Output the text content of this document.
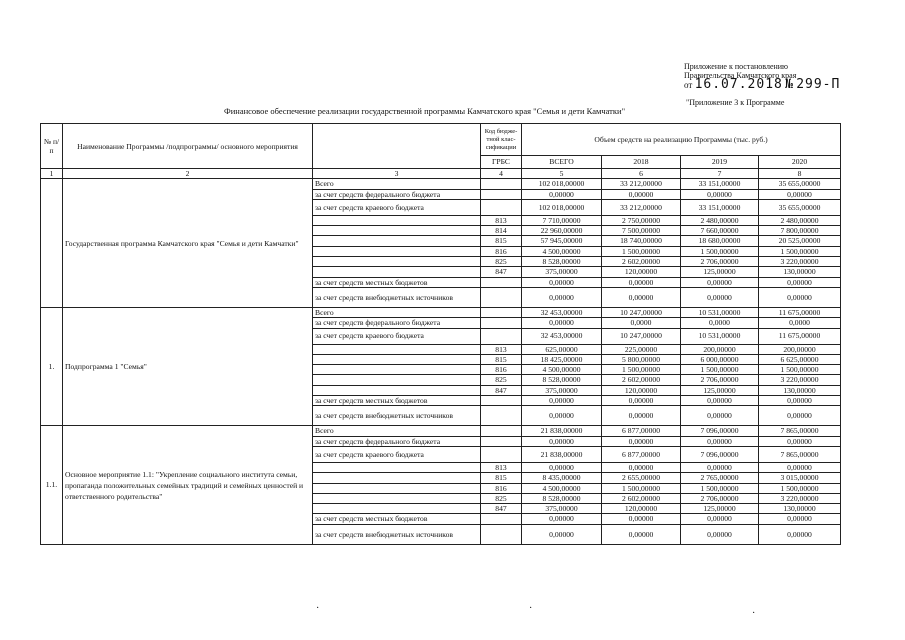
Приложение к постановлению
Правительства Камчатского края
от 16.07.2018 № 299-П
"Приложение 3 к Программе
Финансовое обеспечение реализации государственной программы Камчатского края "Семья и дети Камчатки"
№ п/п	Наименование Программы /подпрограммы/ основного мероприятия		Код бюдже-тной клас-сификации	Объем средств на реализацию Программы (тыс. руб.)			
			ГРБС	ВСЕГО	2018	2019	2020
1	2	3	4	5	6	7	8
	Государственная программа Камчатского края "Семья и дети Камчатки"	Всего		102 018,00000	33 212,00000	33 151,00000	35 655,00000
		за счет средств федерального бюджета		0,00000	0,00000	0,00000	0,00000
		за счет средств краевого бюджета		102 018,00000	33 212,00000	33 151,00000	35 655,00000
			813	7 710,00000	2 750,00000	2 480,00000	2 480,00000
			814	22 960,00000	7 500,00000	7 660,00000	7 800,00000
			815	57 945,00000	18 740,00000	18 680,00000	20 525,00000
			816	4 500,00000	1 500,00000	1 500,00000	1 500,00000
			825	8 528,00000	2 602,00000	2 706,00000	3 220,00000
			847	375,00000	120,00000	125,00000	130,00000
		за счет средств местных бюджетов		0,00000	0,00000	0,00000	0,00000
		за счет средств внебюджетных источников		0,00000	0,00000	0,00000	0,00000
1.	Подпрограмма 1 "Семья"	Всего		32 453,00000	10 247,00000	10 531,00000	11 675,00000
		за счет средств федерального бюджета		0,00000	0,0000	0,0000	0,0000
		за счет средств краевого бюджета		32 453,00000	10 247,00000	10 531,00000	11 675,00000
			813	625,00000	225,00000	200,00000	200,00000
			815	18 425,00000	5 800,00000	6 000,00000	6 625,00000
			816	4 500,00000	1 500,00000	1 500,00000	1 500,00000
			825	8 528,00000	2 602,00000	2 706,00000	3 220,00000
			847	375,00000	120,00000	125,00000	130,00000
		за счет средств местных бюджетов		0,00000	0,00000	0,00000	0,00000
		за счет средств внебюджетных источников		0,00000	0,00000	0,00000	0,00000
1.1.	Основное мероприятие 1.1: "Укрепление социального института семьи, пропаганда положительных семейных традиций и семейных ценностей и ответственного родительства"	Всего		21 838,00000	6 877,00000	7 096,00000	7 865,00000
		за счет средств федерального бюджета		0,00000	0,00000	0,00000	0,00000
		за счет средств краевого бюджета		21 838,00000	6 877,00000	7 096,00000	7 865,00000
			813	0,00000	0,00000	0,00000	0,00000
			815	8 435,00000	2 655,00000	2 765,00000	3 015,00000
			816	4 500,00000	1 500,00000	1 500,00000	1 500,00000
			825	8 528,00000	2 602,00000	2 706,00000	3 220,00000
			847	375,00000	120,00000	125,00000	130,00000
		за счет средств местных бюджетов		0,00000	0,00000	0,00000	0,00000
		за счет средств внебюджетных источников		0,00000	0,00000	0,00000	0,00000
·	·	·
